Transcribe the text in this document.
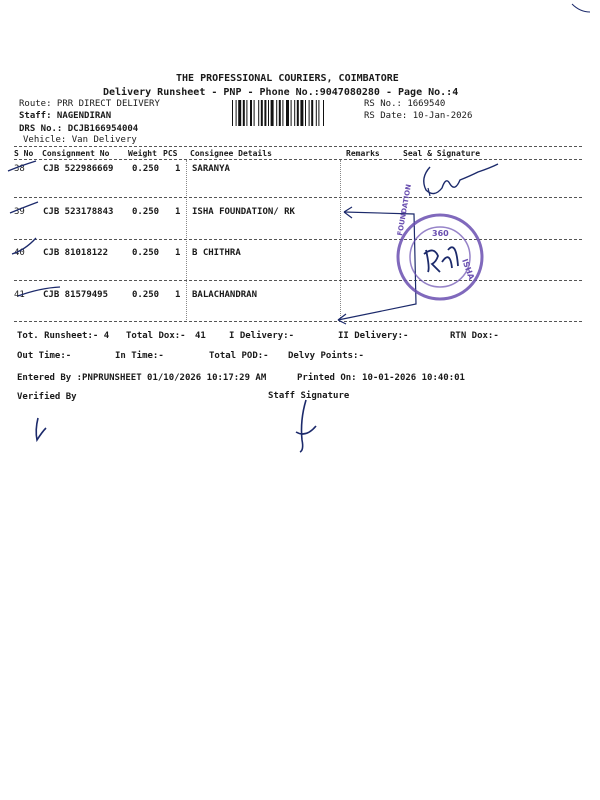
THE PROFESSIONAL COURIERS, COIMBATORE
Delivery Runsheet - PNP - Phone No.:9047080280 - Page No.:4
Route: PRR DIRECT DELIVERY
Staff: NAGENDIRAN
DRS No.: DCJB166954004
Vehicle: Van Delivery
RS No.: 1669540
RS Date: 10-Jan-2026
S No Consignment No Weight PCS Consignee Details	Remarks	Seal & Signature
38 CJB 522986669 0.250 1 SARANYA
39 CJB 523178843 0.250 1 ISHA FOUNDATION/ RK
40 CJB 81018122	0.250 1 B CHITHRA
41 CJB 81579495	0.250 1 BALACHANDRAN
Tot. Runsheet:- 4 Total Dox:- 41	I Delivery:-	II Delivery:-	RTN Dox:-
Out Time:-	In Time:-	Total POD:- Delvy Points:-
Entered By :PNPRUNSHEET 01/10/2026 10:17:29 AM	Printed On: 10-01-2026 10:40:01
Verified By	Staff Signature
360
ISHA
FOUNDATION
